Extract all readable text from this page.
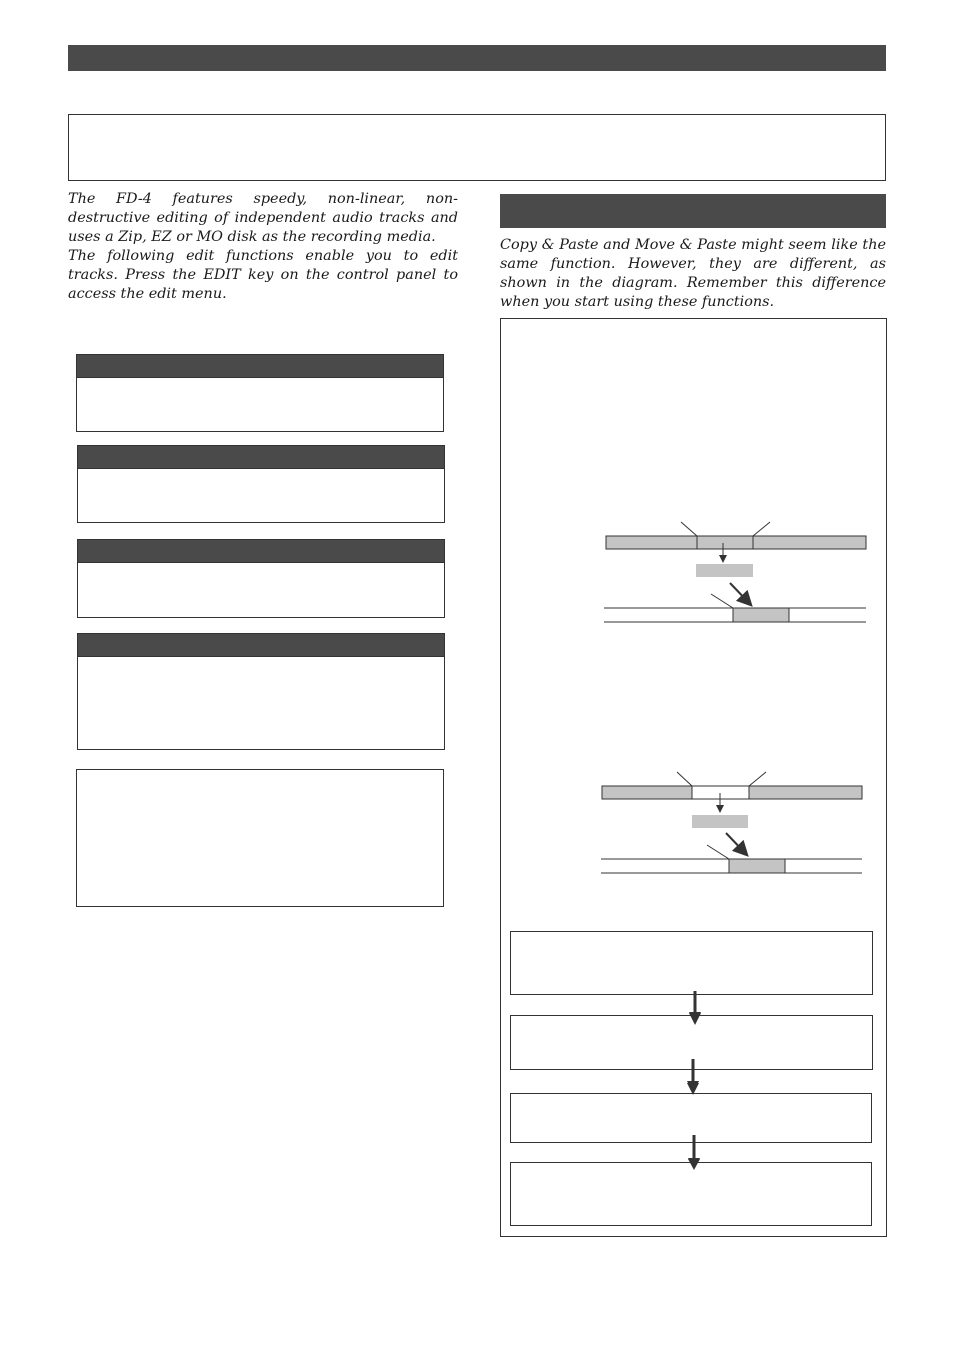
The FD-4 features speedy, non-linear, non-destructive editing of independent audio tracks and uses a Zip, EZ or MO disk as the recording media.

The following edit functions enable you to edit tracks. Press the EDIT key on the control panel to access the edit menu.

Copy & Paste and Move & Paste might seem like the same function. However, they are different, as shown in the diagram. Remember this difference when you start using these functions.
